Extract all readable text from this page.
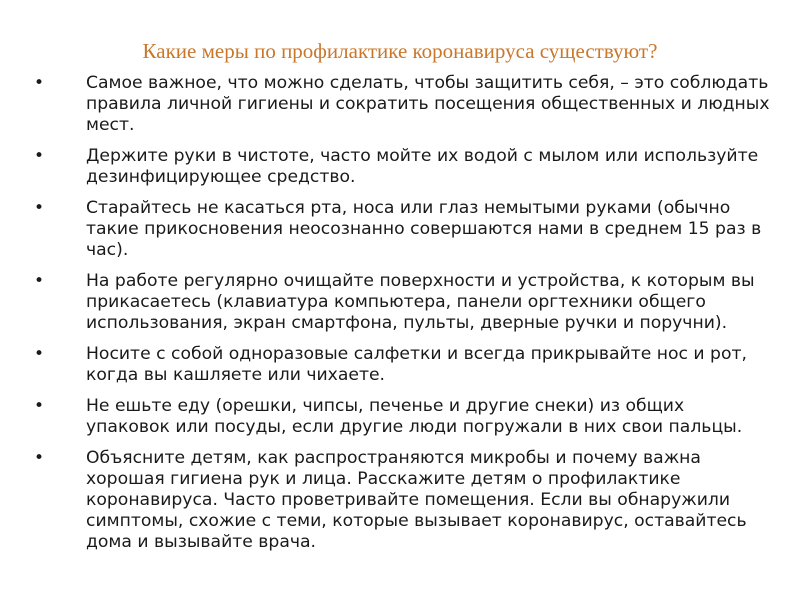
Какие меры по профилактике коронавируса существуют?
• Самое важное, что можно сделать, чтобы защитить себя, – это соблюдать правила личной гигиены и сократить посещения общественных и людных мест.
• Держите руки в чистоте, часто мойте их водой с мылом или используйте дезинфицирующее средство.
• Старайтесь не касаться рта, носа или глаз немытыми руками (обычно такие прикосновения неосознанно совершаются нами в среднем 15 раз в час).
• На работе регулярно очищайте поверхности и устройства, к которым вы прикасаетесь (клавиатура компьютера, панели оргтехники общего использования, экран смартфона, пульты, дверные ручки и поручни).
• Носите с собой одноразовые салфетки и всегда прикрывайте нос и рот, когда вы кашляете или чихаете.
• Не ешьте еду (орешки, чипсы, печенье и другие снеки) из общих упаковок или посуды, если другие люди погружали в них свои пальцы.
• Объясните детям, как распространяются микробы и почему важна хорошая гигиена рук и лица. Расскажите детям о профилактике коронавируса. Часто проветривайте помещения. Если вы обнаружили симптомы, схожие с теми, которые вызывает коронавирус, оставайтесь дома и вызывайте врача.
